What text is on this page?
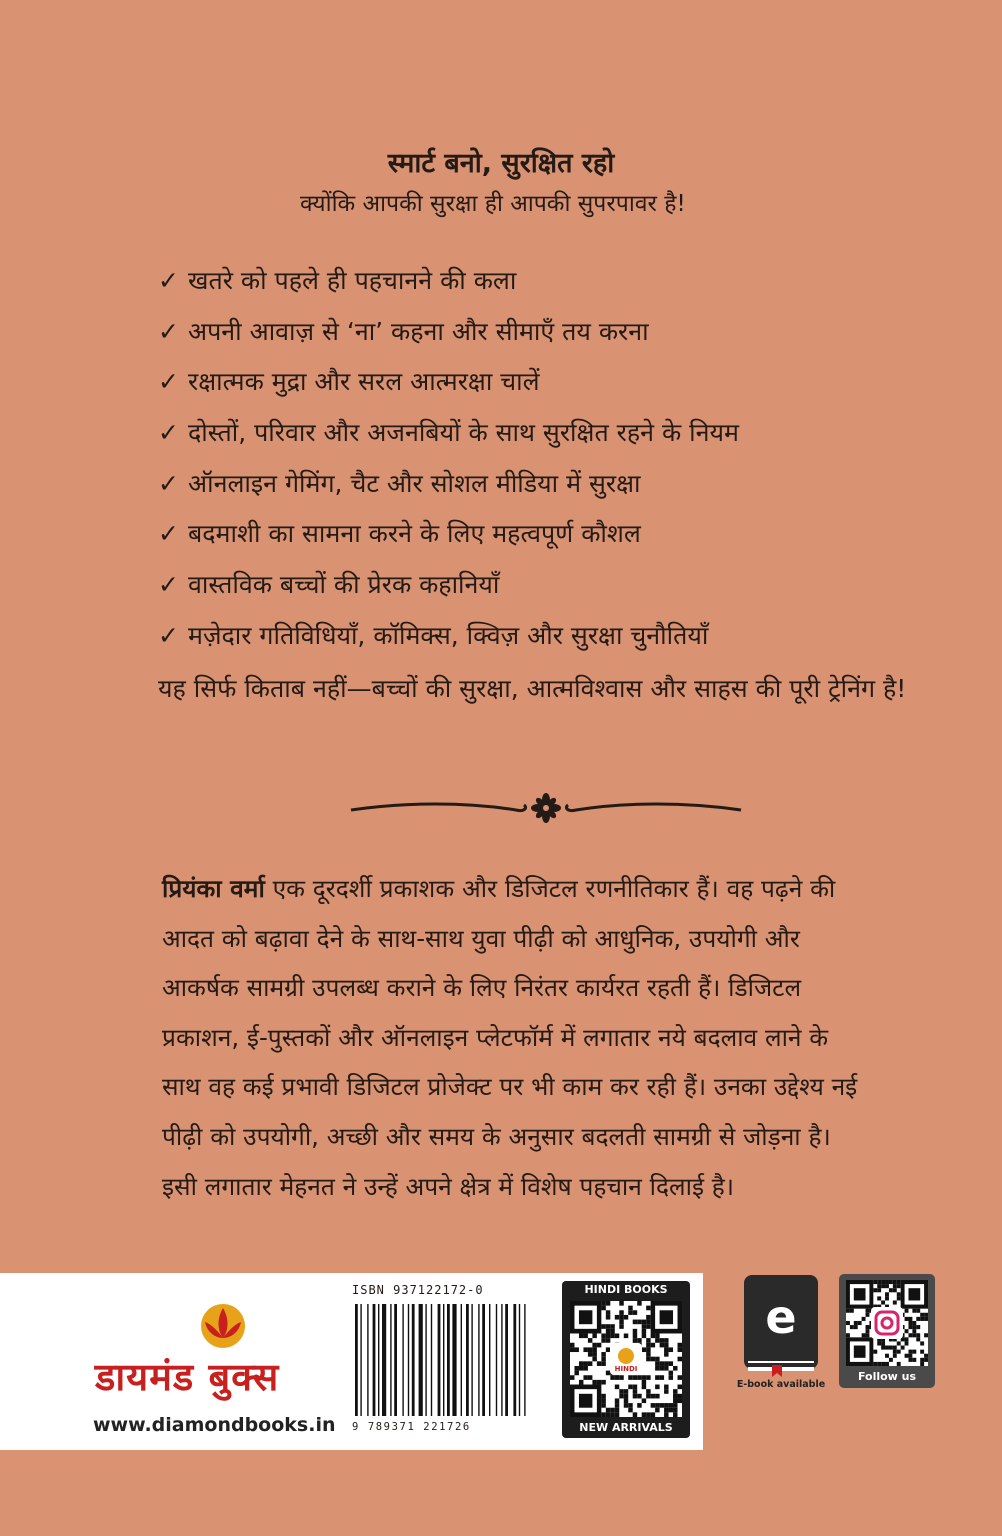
स्मार्ट बनो, सुरक्षित रहो
क्योंकि आपकी सुरक्षा ही आपकी सुपरपावर है!
✓ खतरे को पहले ही पहचानने की कला
✓ अपनी आवाज़ से ‘ना’ कहना और सीमाएँ तय करना
✓ रक्षात्मक मुद्रा और सरल आत्मरक्षा चालें
✓ दोस्तों, परिवार और अजनबियों के साथ सुरक्षित रहने के नियम
✓ ऑनलाइन गेमिंग, चैट और सोशल मीडिया में सुरक्षा
✓ बदमाशी का सामना करने के लिए महत्वपूर्ण कौशल
✓ वास्तविक बच्चों की प्रेरक कहानियाँ
✓ मज़ेदार गतिविधियाँ, कॉमिक्स, क्विज़ और सुरक्षा चुनौतियाँ
यह सिर्फ किताब नहीं—बच्चों की सुरक्षा, आत्मविश्वास और साहस की पूरी ट्रेनिंग है!
प्रियंका वर्मा एक दूरदर्शी प्रकाशक और डिजिटल रणनीतिकार हैं। वह पढ़ने की आदत को बढ़ावा देने के साथ-साथ युवा पीढ़ी को आधुनिक, उपयोगी और आकर्षक सामग्री उपलब्ध कराने के लिए निरंतर कार्यरत रहती हैं। डिजिटल प्रकाशन, ई-पुस्तकों और ऑनलाइन प्लेटफॉर्म में लगातार नये बदलाव लाने के साथ वह कई प्रभावी डिजिटल प्रोजेक्ट पर भी काम कर रही हैं। उनका उद्देश्य नई पीढ़ी को उपयोगी, अच्छी और समय के अनुसार बदलती सामग्री से जोड़ना है। इसी लगातार मेहनत ने उन्हें अपने क्षेत्र में विशेष पहचान दिलाई है।
डायमंड बुक्स
www.diamondbooks.in
ISBN 937122172-0
9 789371 221726
HINDI BOOKS
HINDI
NEW ARRIVALS
e
E-book available
Follow us
